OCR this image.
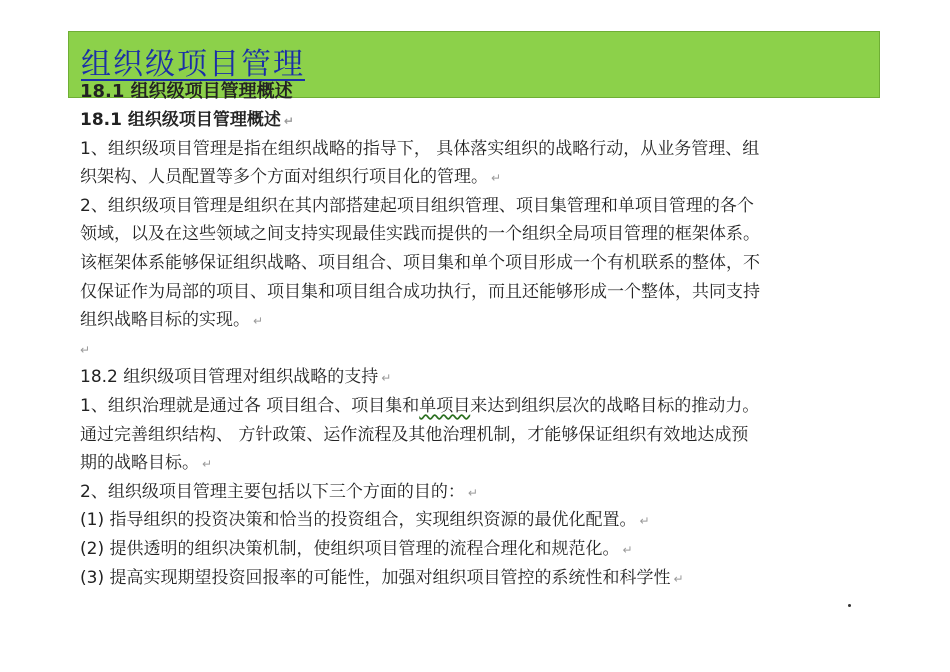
组织级项目管理
18.1 组织级项目管理概述
18.1 组织级项目管理概述 ↵
1、组织级项目管理是指在组织战略的指导下， 具体落实组织的战略行动，从业务管理、组
织架构、人员配置等多个方面对组织行项目化的管理。 ↵
2、组织级项目管理是组织在其内部搭建起项目组织管理、项目集管理和单项目管理的各个
领域，以及在这些领域之间支持实现最佳实践而提供的一个组织全局项目管理的框架体系。
该框架体系能够保证组织战略、项目组合、项目集和单个项目形成一个有机联系的整体，不
仅保证作为局部的项目、项目集和项目组合成功执行，而且还能够形成一个整体，共同支持
组织战略目标的实现。 ↵
↵
18.2 组织级项目管理对组织战略的支持 ↵
1、组织治理就是通过各 项目组合、项目集和单项目来达到组织层次的战略目标的推动力。
通过完善组织结构、 方针政策、运作流程及其他治理机制，才能够保证组织有效地达成预
期的战略目标。 ↵
2、组织级项目管理主要包括以下三个方面的目的： ↵
(1) 指导组织的投资决策和恰当的投资组合，实现组织资源的最优化配置。 ↵
(2) 提供透明的组织决策机制，使组织项目管理的流程合理化和规范化。 ↵
(3) 提高实现期望投资回报率的可能性，加强对组织项目管控的系统性和科学性 ↵
